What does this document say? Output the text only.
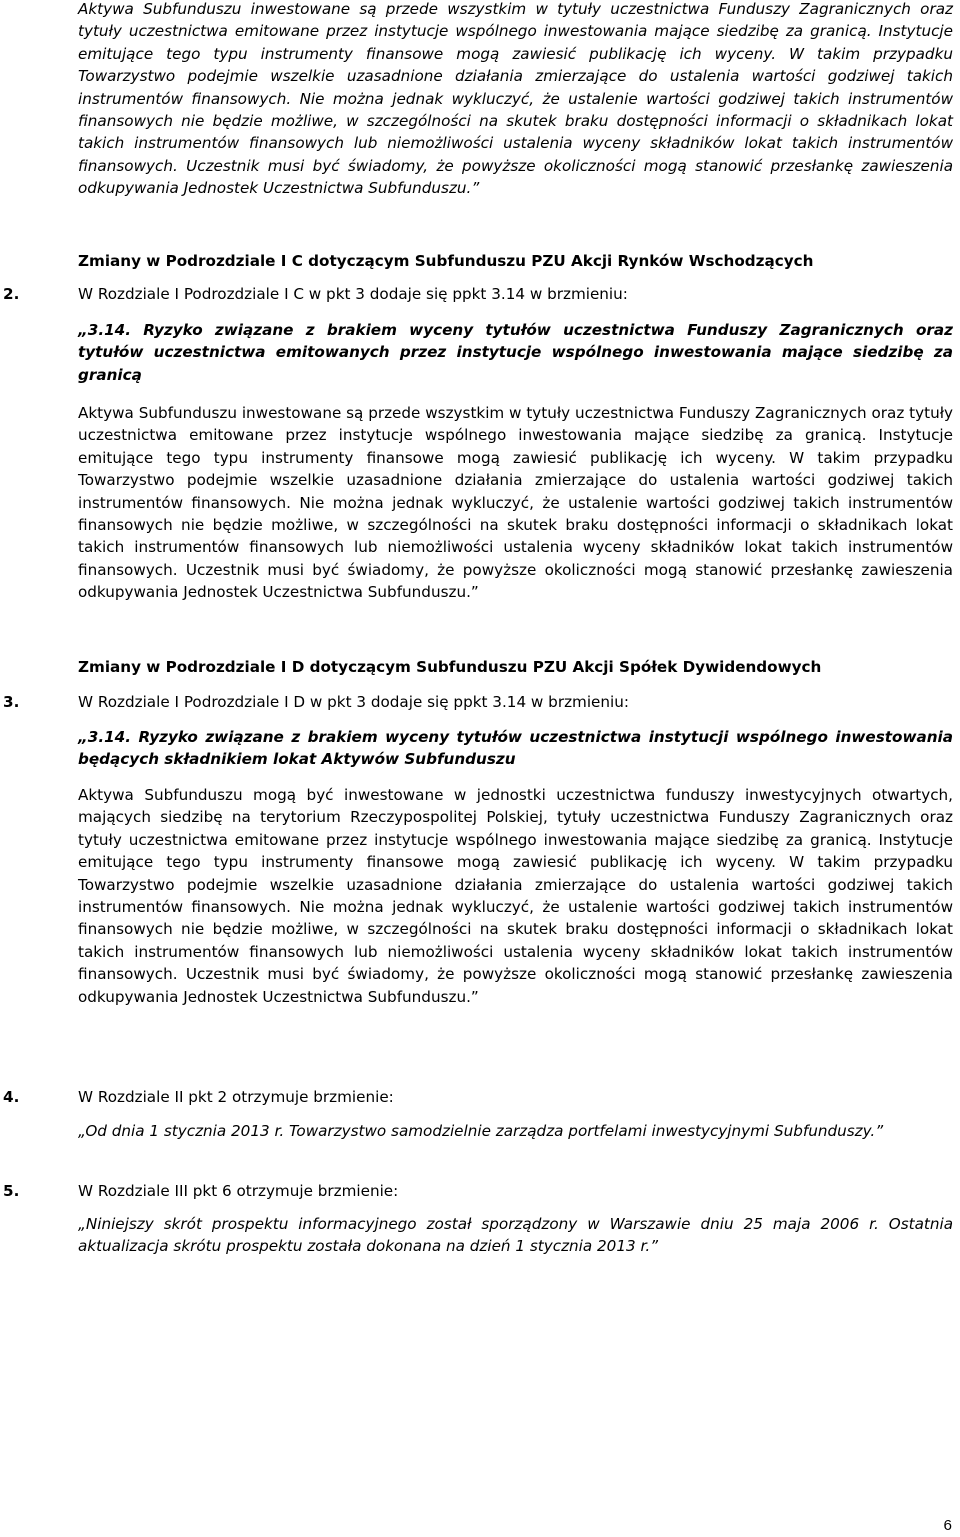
Aktywa Subfunduszu inwestowane są przede wszystkim w tytuły uczestnictwa Funduszy Zagranicznych oraz tytuły uczestnictwa emitowane przez instytucje wspólnego inwestowania mające siedzibę za granicą. Instytucje emitujące tego typu instrumenty finansowe mogą zawiesić publikację ich wyceny. W takim przypadku Towarzystwo podejmie wszelkie uzasadnione działania zmierzające do ustalenia wartości godziwej takich instrumentów finansowych. Nie można jednak wykluczyć, że ustalenie wartości godziwej takich instrumentów finansowych nie będzie możliwe, w szczególności na skutek braku dostępności informacji o składnikach lokat takich instrumentów finansowych lub niemożliwości ustalenia wyceny składników lokat takich instrumentów finansowych. Uczestnik musi być świadomy, że powyższe okoliczności mogą stanowić przesłankę zawieszenia odkupywania Jednostek Uczestnictwa Subfunduszu.”

Zmiany w Podrozdziale I C dotyczącym Subfunduszu PZU Akcji Rynków Wschodzących

2.	W Rozdziale I Podrozdziale I C w pkt 3 dodaje się ppkt 3.14 w brzmieniu:

„3.14. Ryzyko związane z brakiem wyceny tytułów uczestnictwa Funduszy Zagranicznych oraz tytułów uczestnictwa emitowanych przez instytucje wspólnego inwestowania mające siedzibę za granicą

Aktywa Subfunduszu inwestowane są przede wszystkim w tytuły uczestnictwa Funduszy Zagranicznych oraz tytuły uczestnictwa emitowane przez instytucje wspólnego inwestowania mające siedzibę za granicą. Instytucje emitujące tego typu instrumenty finansowe mogą zawiesić publikację ich wyceny. W takim przypadku Towarzystwo podejmie wszelkie uzasadnione działania zmierzające do ustalenia wartości godziwej takich instrumentów finansowych. Nie można jednak wykluczyć, że ustalenie wartości godziwej takich instrumentów finansowych nie będzie możliwe, w szczególności na skutek braku dostępności informacji o składnikach lokat takich instrumentów finansowych lub niemożliwości ustalenia wyceny składników lokat takich instrumentów finansowych. Uczestnik musi być świadomy, że powyższe okoliczności mogą stanowić przesłankę zawieszenia odkupywania Jednostek Uczestnictwa Subfunduszu.”

Zmiany w Podrozdziale I D dotyczącym Subfunduszu PZU Akcji Spółek Dywidendowych

3.	W Rozdziale I Podrozdziale I D w pkt 3 dodaje się ppkt 3.14 w brzmieniu:

„3.14. Ryzyko związane z brakiem wyceny tytułów uczestnictwa instytucji wspólnego inwestowania będących składnikiem lokat Aktywów Subfunduszu

Aktywa Subfunduszu mogą być inwestowane w jednostki uczestnictwa funduszy inwestycyjnych otwartych, mających siedzibę na terytorium Rzeczypospolitej Polskiej, tytuły uczestnictwa Funduszy Zagranicznych oraz tytuły uczestnictwa emitowane przez instytucje wspólnego inwestowania mające siedzibę za granicą. Instytucje emitujące tego typu instrumenty finansowe mogą zawiesić publikację ich wyceny. W takim przypadku Towarzystwo podejmie wszelkie uzasadnione działania zmierzające do ustalenia wartości godziwej takich instrumentów finansowych. Nie można jednak wykluczyć, że ustalenie wartości godziwej takich instrumentów finansowych nie będzie możliwe, w szczególności na skutek braku dostępności informacji o składnikach lokat takich instrumentów finansowych lub niemożliwości ustalenia wyceny składników lokat takich instrumentów finansowych. Uczestnik musi być świadomy, że powyższe okoliczności mogą stanowić przesłankę zawieszenia odkupywania Jednostek Uczestnictwa Subfunduszu.”

4.	W Rozdziale II pkt 2 otrzymuje brzmienie:

„Od dnia 1 stycznia 2013 r. Towarzystwo samodzielnie zarządza portfelami inwestycyjnymi Subfunduszy.”

5.	W Rozdziale III pkt 6 otrzymuje brzmienie:

„Niniejszy skrót prospektu informacyjnego został sporządzony w Warszawie dniu 25 maja 2006 r. Ostatnia aktualizacja skrótu prospektu została dokonana na dzień 1 stycznia 2013 r.”

6
